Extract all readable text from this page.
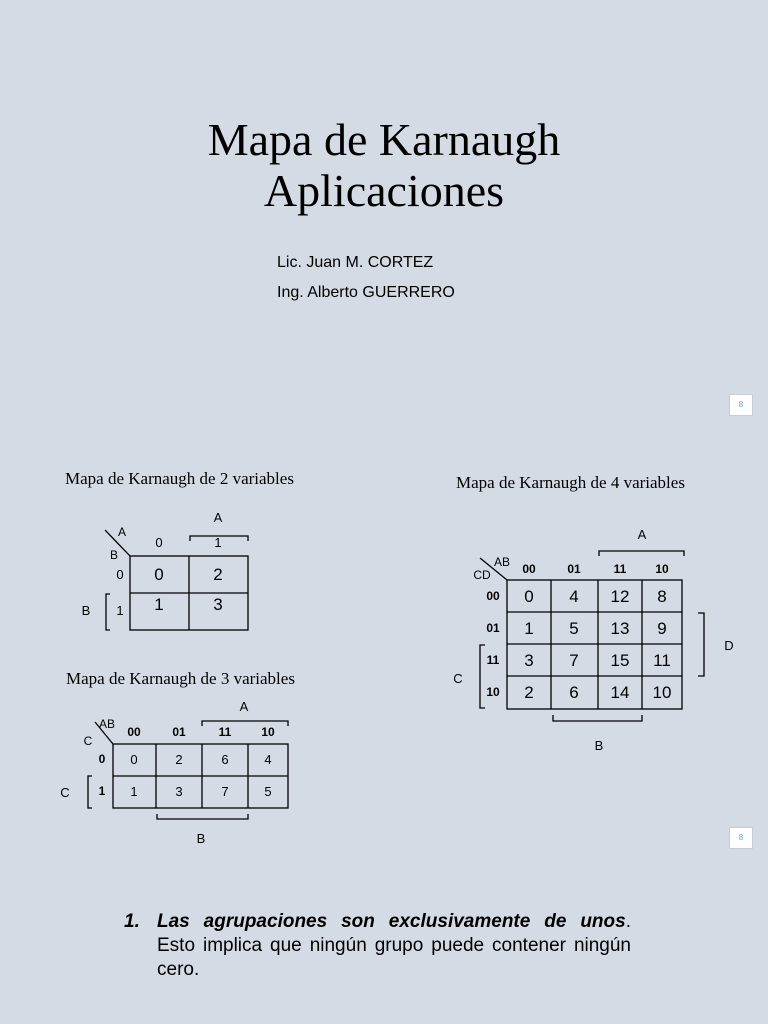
Mapa de Karnaugh
Aplicaciones
Lic. Juan M. CORTEZ
Ing. Alberto GUERRERO
8
8
Mapa de Karnaugh de 2 variables
Mapa de Karnaugh de 3 variables
Mapa de Karnaugh de 4 variables
A
B
A
B
0	1
0
1
0	2
1	3
AB
C
A
C
B
00	01	11 10
0
1
0	2	6	4
1	3	7	5
AB
CD
A
D
C
B
00	01	11 10
00
01
11
10
0 4 12 8
1 5 13 9
3 7 15 11
2 6 14 10
1. Las agrupaciones son exclusivamente de unos. Esto implica que ningún grupo puede contener ningún cero.
